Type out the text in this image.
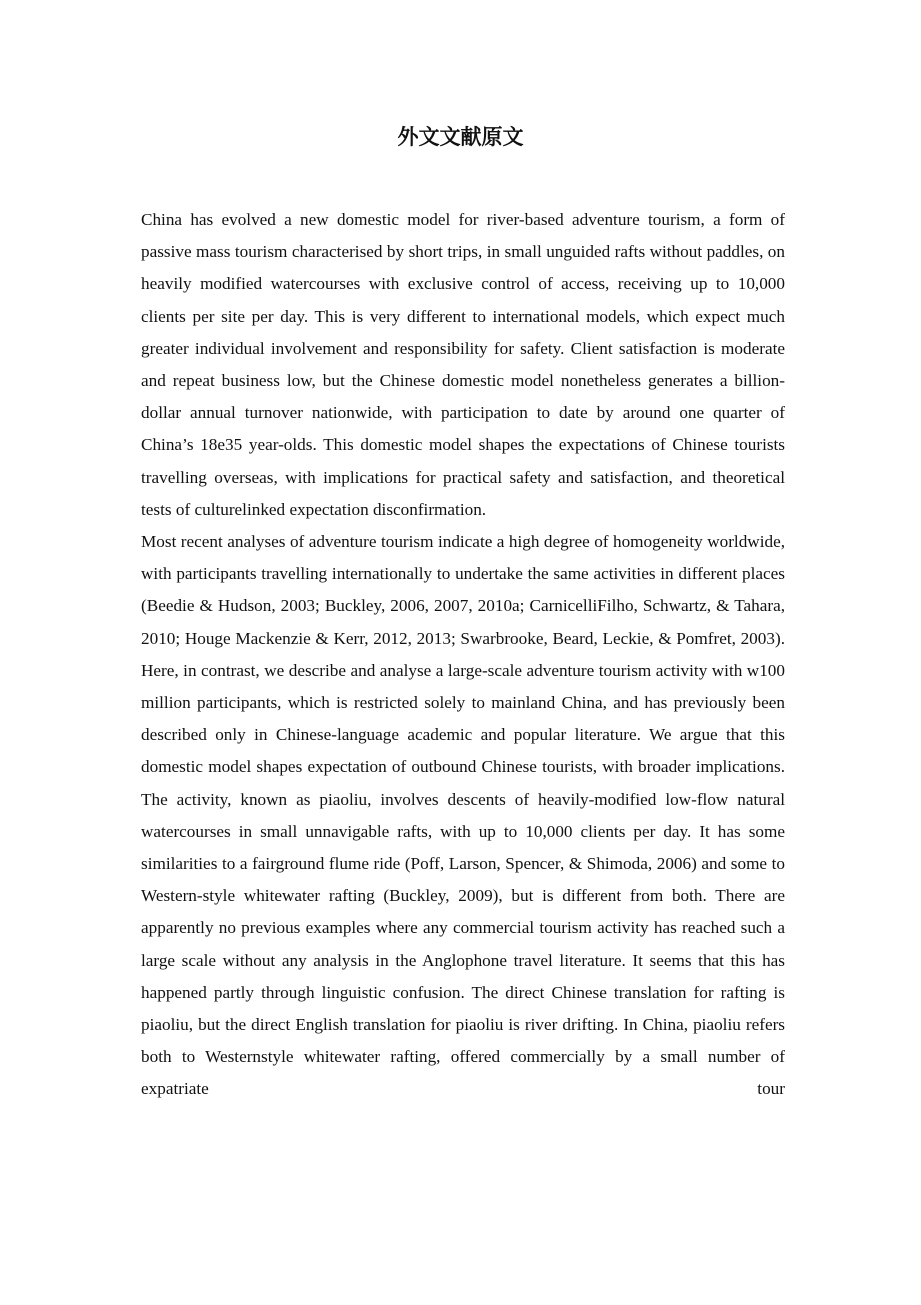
外文文献原文

China has evolved a new domestic model for river-based adventure tourism, a form of passive mass tourism characterised by short trips, in small unguided rafts without paddles, on heavily modified watercourses with exclusive control of access, receiving up to 10,000 clients per site per day. This is very different to international models, which expect much greater individual involvement and responsibility for safety. Client satisfaction is moderate and repeat business low, but the Chinese domestic model nonetheless generates a billion-dollar annual turnover nationwide, with participation to date by around one quarter of China’s 18e35 year-olds. This domestic model shapes the expectations of Chinese tourists travelling overseas, with implications for practical safety and satisfaction, and theoretical tests of culturelinked expectation disconfirmation.

Most recent analyses of adventure tourism indicate a high degree of homogeneity worldwide, with participants travelling internationally to undertake the same activities in different places (Beedie & Hudson, 2003; Buckley, 2006, 2007, 2010a; CarnicelliFilho, Schwartz, & Tahara, 2010; Houge Mackenzie & Kerr, 2012, 2013; Swarbrooke, Beard, Leckie, & Pomfret, 2003). Here, in contrast, we describe and analyse a large-scale adventure tourism activity with w100 million participants, which is restricted solely to mainland China, and has previously been described only in Chinese-language academic and popular literature. We argue that this domestic model shapes expectation of outbound Chinese tourists, with broader implications. The activity, known as piaoliu, involves descents of heavily-modified low-flow natural watercourses in small unnavigable rafts, with up to 10,000 clients per day. It has some similarities to a fairground flume ride (Poff, Larson, Spencer, & Shimoda, 2006) and some to Western-style whitewater rafting (Buckley, 2009), but is different from both. There are apparently no previous examples where any commercial tourism activity has reached such a large scale without any analysis in the Anglophone travel literature. It seems that this has happened partly through linguistic confusion. The direct Chinese translation for rafting is piaoliu, but the direct English translation for piaoliu is river drifting. In China, piaoliu refers both to Westernstyle whitewater rafting, offered commercially by a small number of expatriate tour
